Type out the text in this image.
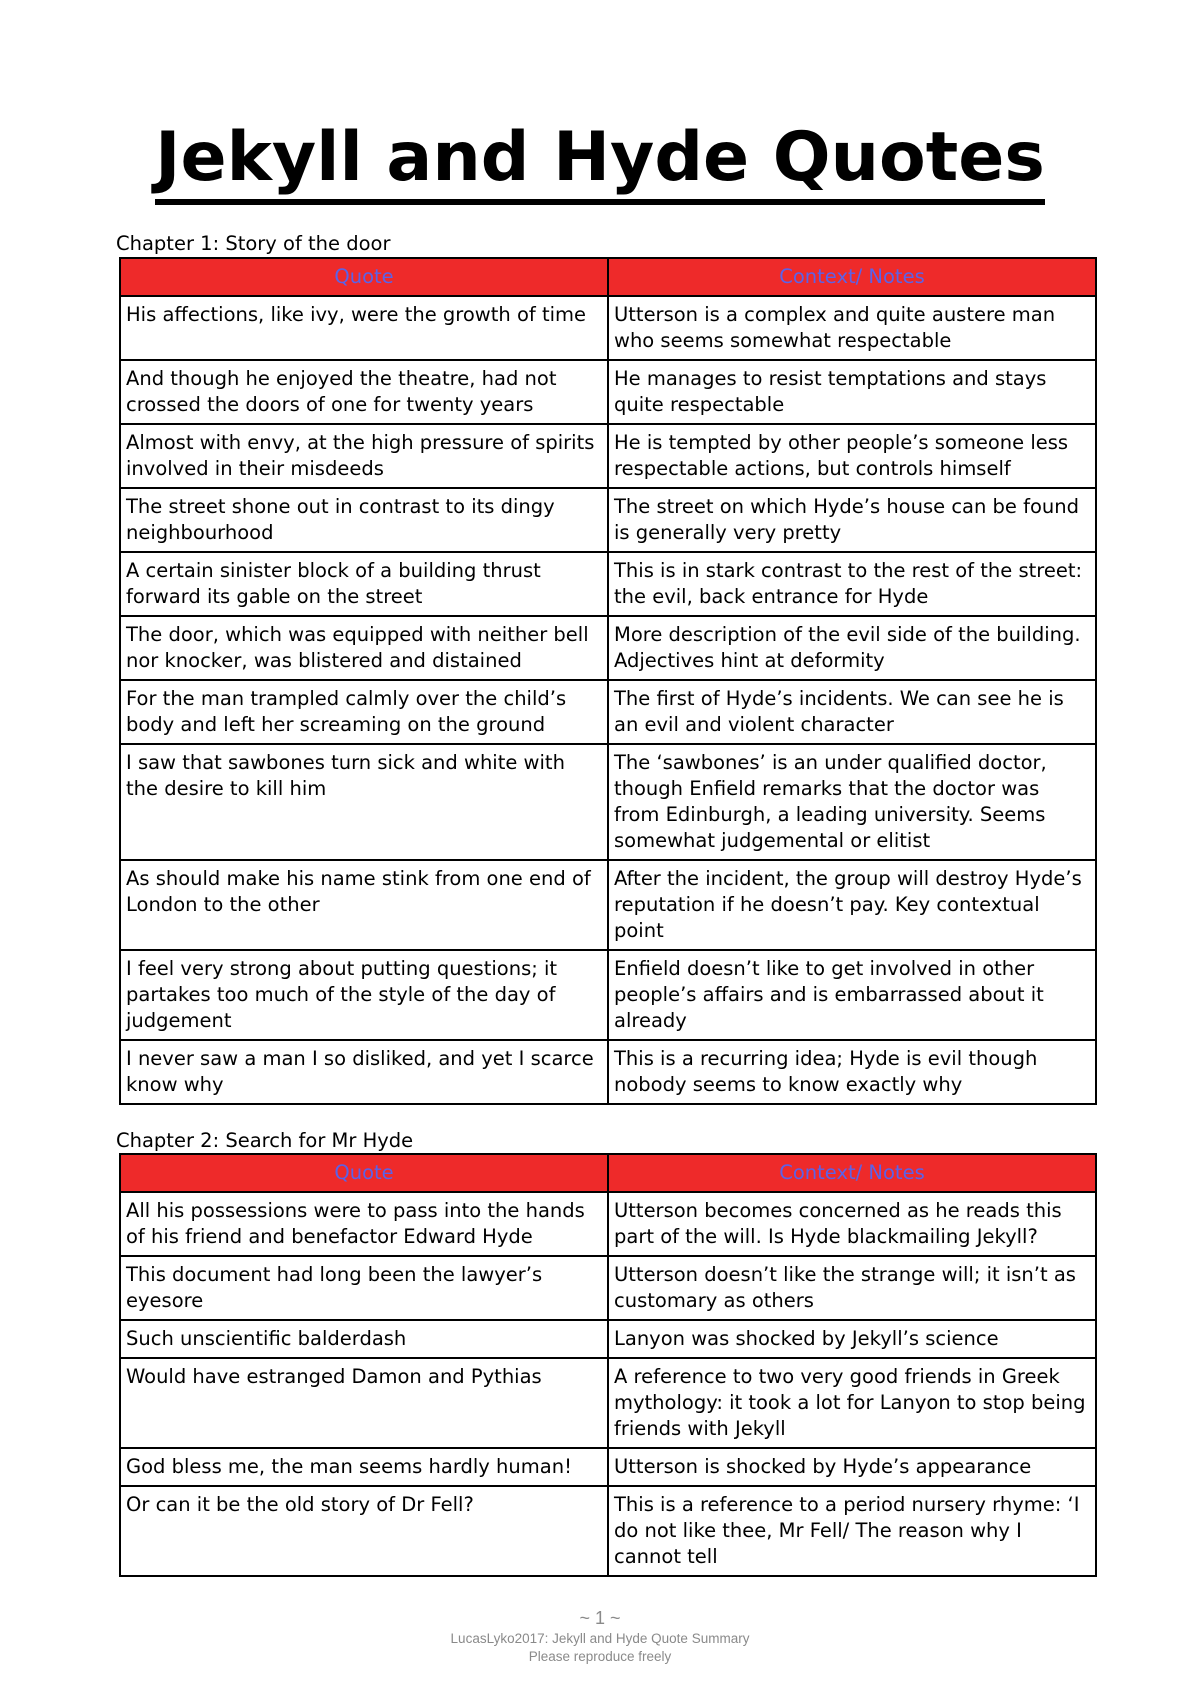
Jekyll and Hyde Quotes

Chapter 1: Story of the door

Quote	Context/ Notes
His affections, like ivy, were the growth of time	Utterson is a complex and quite austere man who seems somewhat respectable
And though he enjoyed the theatre, had not crossed the doors of one for twenty years	He manages to resist temptations and stays quite respectable
Almost with envy, at the high pressure of spirits involved in their misdeeds	He is tempted by other people’s someone less respectable actions, but controls himself
The street shone out in contrast to its dingy neighbourhood	The street on which Hyde’s house can be found is generally very pretty
A certain sinister block of a building thrust forward its gable on the street	This is in stark contrast to the rest of the street: the evil, back entrance for Hyde
The door, which was equipped with neither bell nor knocker, was blistered and distained	More description of the evil side of the building. Adjectives hint at deformity
For the man trampled calmly over the child’s body and left her screaming on the ground	The first of Hyde’s incidents. We can see he is an evil and violent character
I saw that sawbones turn sick and white with the desire to kill him	The ‘sawbones’ is an under qualified doctor, though Enfield remarks that the doctor was from Edinburgh, a leading university. Seems somewhat judgemental or elitist
As should make his name stink from one end of London to the other	After the incident, the group will destroy Hyde’s reputation if he doesn’t pay. Key contextual point
I feel very strong about putting questions; it partakes too much of the style of the day of judgement	Enfield doesn’t like to get involved in other people’s affairs and is embarrassed about it already
I never saw a man I so disliked, and yet I scarce know why	This is a recurring idea; Hyde is evil though nobody seems to know exactly why

Chapter 2: Search for Mr Hyde

Quote	Context/ Notes
All his possessions were to pass into the hands of his friend and benefactor Edward Hyde	Utterson becomes concerned as he reads this part of the will. Is Hyde blackmailing Jekyll?
This document had long been the lawyer’s eyesore	Utterson doesn’t like the strange will; it isn’t as customary as others
Such unscientific balderdash	Lanyon was shocked by Jekyll’s science
Would have estranged Damon and Pythias	A reference to two very good friends in Greek mythology: it took a lot for Lanyon to stop being friends with Jekyll
God bless me, the man seems hardly human!	Utterson is shocked by Hyde’s appearance
Or can it be the old story of Dr Fell?	This is a reference to a period nursery rhyme: ‘I do not like thee, Mr Fell/ The reason why I cannot tell
~ 1 ~
LucasLyko2017: Jekyll and Hyde Quote Summary
Please reproduce freely
